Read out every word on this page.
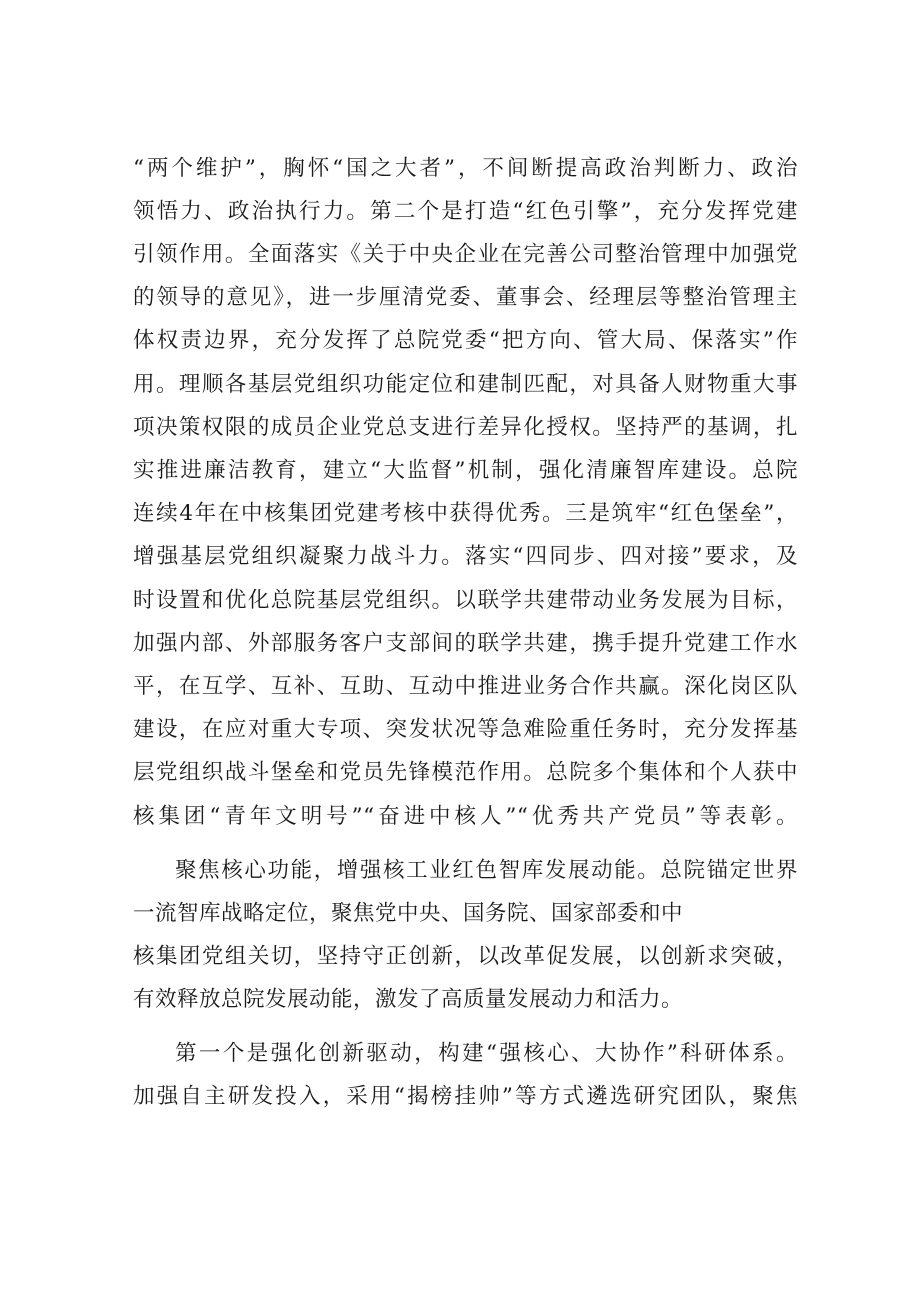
“两个维护”，胸怀“国之大者”，不间断提高政治判断力、政治
领悟力、政治执行力。第二个是打造“红色引擎”，充分发挥党建
引领作用。全面落实《关于中央企业在完善公司整治管理中加强党
的领导的意见》，进一步厘清党委、董事会、经理层等整治管理主
体权责边界，充分发挥了总院党委“把方向、管大局、保落实”作
用。理顺各基层党组织功能定位和建制匹配，对具备人财物重大事
项决策权限的成员企业党总支进行差异化授权。坚持严的基调，扎
实推进廉洁教育，建立“大监督”机制，强化清廉智库建设。总院
连续4年在中核集团党建考核中获得优秀。三是筑牢“红色堡垒”，
增强基层党组织凝聚力战斗力。落实“四同步、四对接”要求，及
时设置和优化总院基层党组织。以联学共建带动业务发展为目标，
加强内部、外部服务客户支部间的联学共建，携手提升党建工作水
平，在互学、互补、互助、互动中推进业务合作共赢。深化岗区队
建设，在应对重大专项、突发状况等急难险重任务时，充分发挥基
层党组织战斗堡垒和党员先锋模范作用。总院多个集体和个人获中
核集团“青年文明号”“奋进中核人”“优秀共产党员”等表彰。
聚焦核心功能，增强核工业红色智库发展动能。总院锚定世界
一流智库战略定位，聚焦党中央、国务院、国家部委和中
核集团党组关切，坚持守正创新，以改革促发展，以创新求突破，
有效释放总院发展动能，激发了高质量发展动力和活力。
第一个是强化创新驱动，构建“强核心、大协作”科研体系。
加强自主研发投入，采用“揭榜挂帅”等方式遴选研究团队，聚焦
